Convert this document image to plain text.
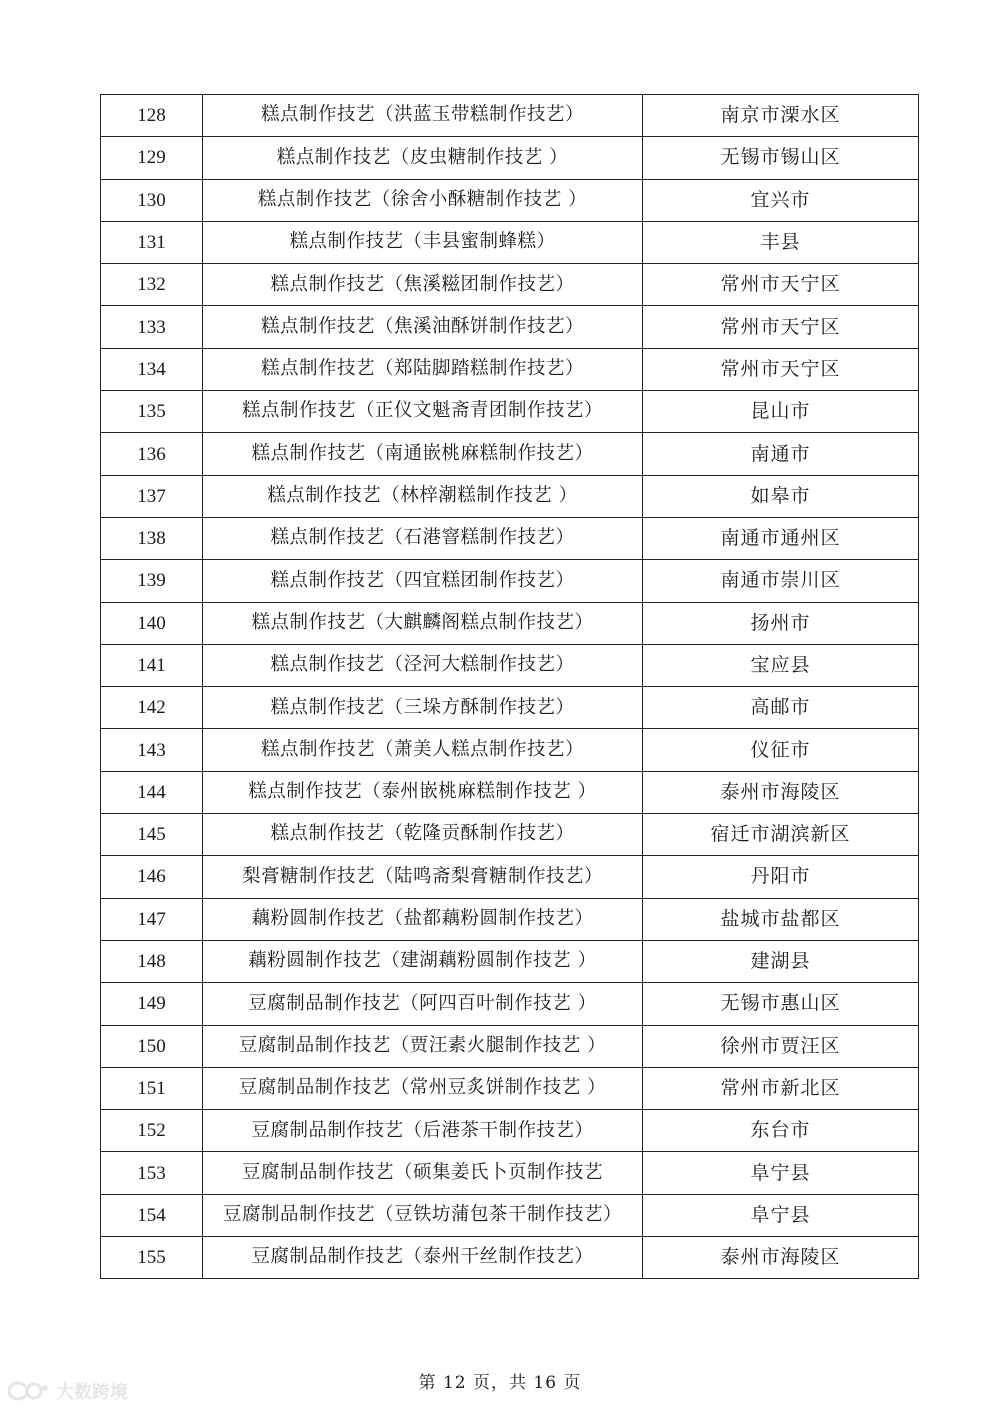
128	糕点制作技艺（洪蓝玉带糕制作技艺）	南京市溧水区
129	糕点制作技艺（皮虫糖制作技艺 ）	无锡市锡山区
130	糕点制作技艺（徐舍小酥糖制作技艺 ）	宜兴市
131	糕点制作技艺（丰县蜜制蜂糕）	丰县
132	糕点制作技艺（焦溪糍团制作技艺）	常州市天宁区
133	糕点制作技艺（焦溪油酥饼制作技艺）	常州市天宁区
134	糕点制作技艺（郑陆脚踏糕制作技艺）	常州市天宁区
135	糕点制作技艺（正仪文魁斋青团制作技艺）	昆山市
136	糕点制作技艺（南通嵌桃麻糕制作技艺）	南通市
137	糕点制作技艺（林梓潮糕制作技艺 ）	如皋市
138	糕点制作技艺（石港窨糕制作技艺）	南通市通州区
139	糕点制作技艺（四宜糕团制作技艺）	南通市崇川区
140	糕点制作技艺（大麒麟阁糕点制作技艺）	扬州市
141	糕点制作技艺（泾河大糕制作技艺）	宝应县
142	糕点制作技艺（三垛方酥制作技艺）	高邮市
143	糕点制作技艺（萧美人糕点制作技艺）	仪征市
144	糕点制作技艺（泰州嵌桃麻糕制作技艺 ）	泰州市海陵区
145	糕点制作技艺（乾隆贡酥制作技艺）	宿迁市湖滨新区
146	梨膏糖制作技艺（陆鸣斋梨膏糖制作技艺）	丹阳市
147	藕粉圆制作技艺（盐都藕粉圆制作技艺）	盐城市盐都区
148	藕粉圆制作技艺（建湖藕粉圆制作技艺 ）	建湖县
149	豆腐制品制作技艺（阿四百叶制作技艺 ）	无锡市惠山区
150	豆腐制品制作技艺（贾汪素火腿制作技艺 ）	徐州市贾汪区
151	豆腐制品制作技艺（常州豆炙饼制作技艺 ）	常州市新北区
152	豆腐制品制作技艺（后港茶干制作技艺）	东台市
153	豆腐制品制作技艺（硕集姜氏卜页制作技艺	阜宁县
154	豆腐制品制作技艺（豆铁坊蒲包茶干制作技艺）	阜宁县
155	豆腐制品制作技艺（泰州干丝制作技艺）	泰州市海陵区
第 12 页，共 16 页
大数跨境
